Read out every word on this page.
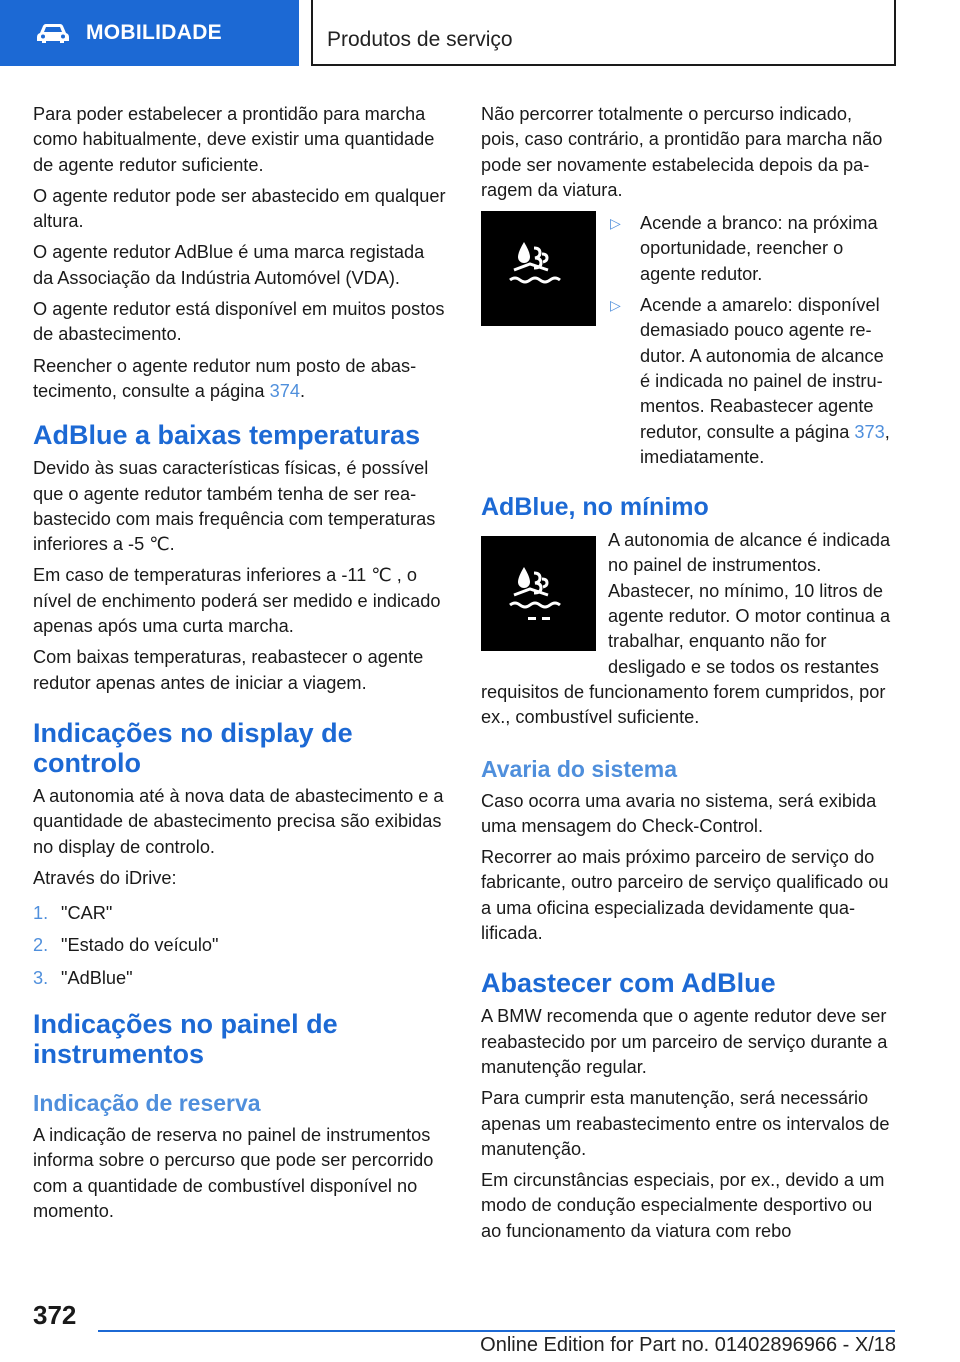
MOBILIDADE	Produtos de serviço

Para poder estabelecer a prontidão para marcha como habitualmente, deve existir uma quantidade de agente redutor suficiente.

O agente redutor pode ser abastecido em qualquer altura.

O agente redutor AdBlue é uma marca registada da Associação da Indústria Automóvel (VDA).

O agente redutor está disponível em muitos postos de abastecimento.

Reencher o agente redutor num posto de abastecimento, consulte a página 374.

AdBlue a baixas temperaturas

Devido às suas características físicas, é possível que o agente redutor também tenha de ser reabastecido com mais frequência com temperaturas inferiores a -5 ℃.

Em caso de temperaturas inferiores a -11 ℃ , o nível de enchimento poderá ser medido e indicado apenas após uma curta marcha.

Com baixas temperaturas, reabastecer o agente redutor apenas antes de iniciar a viagem.

Indicações no display de controlo

A autonomia até à nova data de abastecimento e a quantidade de abastecimento precisa são exibidas no display de controlo.

Através do iDrive:

1. "CAR"
2. "Estado do veículo"
3. "AdBlue"
Indicações no painel de instrumentos
Indicação de reserva

A indicação de reserva no painel de instrumentos informa sobre o percurso que pode ser percorrido com a quantidade de combustível disponível no momento.

Não percorrer totalmente o percurso indicado, pois, caso contrário, a prontidão para marcha não pode ser novamente estabelecida depois da paragem da viatura.

▷	Acende a branco: na próxima oportunidade, reencher o agente redutor.
▷	Acende a amarelo: disponível demasiado pouco agente redutor. A autonomia de alcance é indicada no painel de instrumentos. Reabastecer agente redutor, consulte a página 373, imediatamente.
AdBlue, no mínimo

A autonomia de alcance é indicada no painel de instrumentos. Abastecer, no mínimo, 10 litros de agente redutor. O motor continua a trabalhar, enquanto não for desligado e se todos os restantes requisitos de funcionamento forem cumpridos, por ex., combustível suficiente.

Avaria do sistema

Caso ocorra uma avaria no sistema, será exibida uma mensagem do Check-Control.

Recorrer ao mais próximo parceiro de serviço do fabricante, outro parceiro de serviço qualificado ou a uma oficina especializada devidamente qualificada.

Abastecer com AdBlue

A BMW recomenda que o agente redutor deve ser reabastecido por um parceiro de serviço durante a manutenção regular.

Para cumprir esta manutenção, será necessário apenas um reabastecimento entre os intervalos de manutenção.

Em circunstâncias especiais, por ex., devido a um modo de condução especialmente desportivo ou ao funcionamento da viatura com rebo

372
Online Edition for Part no. 01402896966 - X/18
